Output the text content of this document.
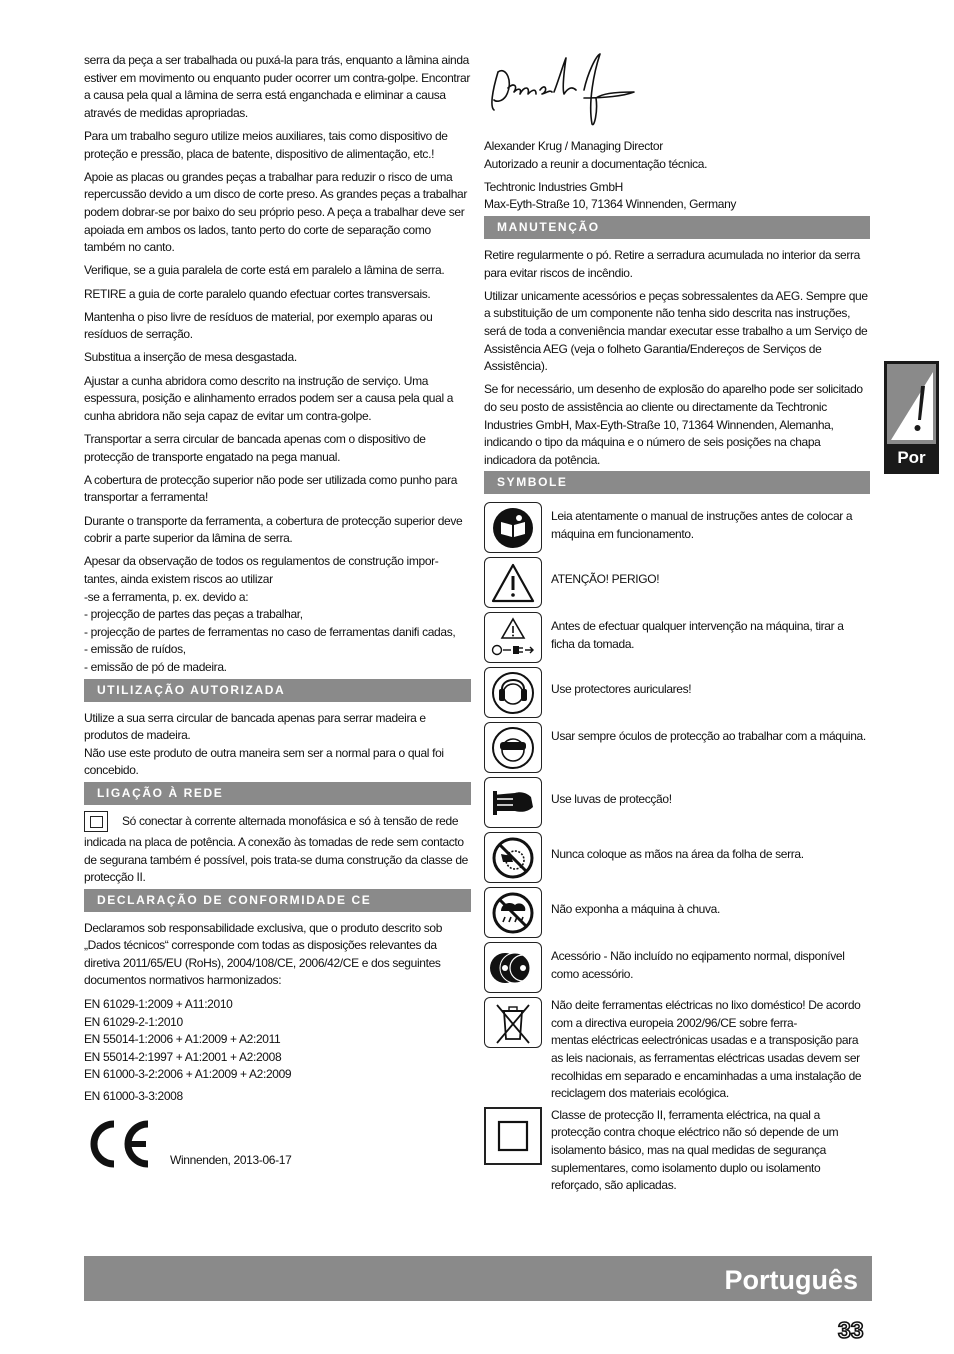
serra da peça a ser trabalhada ou puxá-la para trás, enquanto a lâmina ainda estiver em movimento ou enquanto puder ocorrer um contra-golpe. Encontrar a causa pela qual a lâmina de serra está enganchada e eliminar a causa através de medidas apropriadas.

Para um trabalho seguro utilize meios auxiliares, tais como dispositivo de proteção e pressão, placa de batente, dispositivo de alimentação, etc.!

Apoie as placas ou grandes peças a trabalhar para reduzir o risco de uma repercussão devido a um disco de corte preso. As grandes peças a trabalhar podem dobrar-se por baixo do seu próprio peso. A peça a trabalhar deve ser apoiada em ambos os lados, tanto perto do corte de separação como também no canto.

Verifique, se a guia paralela de corte está em paralelo a lâmina de serra.

RETIRE a guia de corte paralelo quando efectuar cortes transversais.

Mantenha o piso livre de resíduos de material, por exemplo aparas ou resíduos de serração.

Substitua a inserção de mesa desgastada.

Ajustar a cunha abridora como descrito na instrução de serviço. Uma espessura, posição e alinhamento errados podem ser a causa pela qual a cunha abridora não seja capaz de evitar um contra-golpe.

Transportar a serra circular de bancada apenas com o dispositivo de protecção de transporte engatado na pega manual.

A cobertura de protecção superior não pode ser utilizada como punho para transportar a ferramenta!

Durante o transporte da ferramenta, a cobertura de protecção superior deve cobrir a parte superior da lâmina de serra.

Apesar da observação de todos os regulamentos de construção impor-
tantes, ainda existem riscos ao utilizar
-se a ferramenta, p. ex. devido a:
- projecção de partes das peças a trabalhar,
- projecção de partes de ferramentas no caso de ferramentas danifi cadas,
- emissão de ruídos,
- emissão de pó de madeira.

UTILIZAÇÃO AUTORIZADA

Utilize a sua serra circular de bancada apenas para serrar madeira e produtos de madeira.
Não use este produto de outra maneira sem ser a normal para o qual foi concebido.

LIGAÇÃO À REDE

Só conectar à corrente alternada monofásica e só à tensão de rede indicada na placa de potência. A conexão às tomadas de rede sem contacto de segurana também é possível, pois trata-se duma construção da classe de protecção II.

DECLARAÇÃO DE CONFORMIDADE CE

Declaramos sob responsabilidade exclusiva, que o produto descrito sob „Dados técnicos“ corresponde com todas as disposições relevantes da diretiva 2011/65/EU (RoHs), 2004/108/CE, 2006/42/CE e dos seguintes documentos normativos harmonizados:

EN 61029-1:2009 + A11:2010
EN 61029-2-1:2010
EN 55014-1:2006 + A1:2009 + A2:2011
EN 55014-2:1997 + A1:2001 + A2:2008
EN 61000-3-2:2006 + A1:2009 + A2:2009

EN 61000-3-3:2008

Winnenden, 2013-06-17

Alexander Krug / Managing Director
Autorizado a reunir a documentação técnica.

Techtronic Industries GmbH
Max-Eyth-Straße 10, 71364 Winnenden, Germany

MANUTENÇÃO

Retire regularmente o pó. Retire a serradura acumulada no interior da serra para evitar riscos de incêndio.

Utilizar unicamente acessórios e peças sobressalentes da AEG. Sempre que a substituição de um componente não tenha sido descrita nas instruções, será de toda a conveniência mandar executar esse trabalho a um Serviço de Assistência AEG (veja o folheto Garantia/Endereços de Serviços de Assistência).

Se for necessário, um desenho de explosão do aparelho pode ser solicitado do seu posto de assistência ao cliente ou directamente da Techtronic Industries GmbH, Max-Eyth-Straße 10, 71364 Winnenden, Alemanha, indicando o tipo da máquina e o número de seis posições na chapa indicadora da potência.

SYMBOLE
Leia atentamente o manual de instruções antes de colocar a máquina em funcionamento.
ATENÇÃO! PERIGO!
Antes de efectuar qualquer intervenção na máquina, tirar a ficha da tomada.
Use protectores auriculares!
Usar sempre óculos de protecção ao trabalhar com a máquina.
Use luvas de protecção!
Nunca coloque as mãos na área da folha de serra.
Não exponha a máquina à chuva.
Acessório - Não incluído no eqipamento normal, disponível como acessório.
Não deite ferramentas eléctricas no lixo doméstico! De acordo com a directiva europeia 2002/96/CE sobre ferra-
mentas eléctricas eelectrónicas usadas e a transposição para as leis nacionais, as ferramentas eléctricas usadas devem ser recolhidas em separado e encaminhadas a uma instalação de reciclagem dos materiais ecológica.
Classe de protecção II, ferramenta eléctrica, na qual a protecção contra choque eléctrico não só depende de um isolamento básico, mas na qual medidas de segurança suplementares, como isolamento duplo ou isolamento reforçado, são aplicadas.
Por
Português
33
